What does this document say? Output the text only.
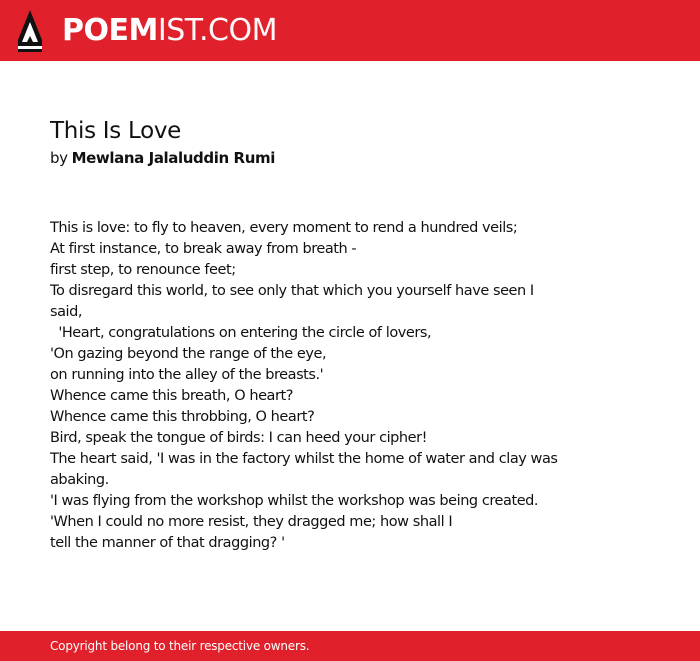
POEM IST.COM
This Is Love
by Mewlana Jalaluddin Rumi
This is love: to fly to heaven, every moment to rend a hundred veils;
At first instance, to break away from breath -
first step, to renounce feet;
To disregard this world, to see only that which you yourself have seen I
said,
'Heart, congratulations on entering the circle of lovers,
'On gazing beyond the range of the eye,
on running into the alley of the breasts.'
Whence came this breath, O heart?
Whence came this throbbing, O heart?
Bird, speak the tongue of birds: I can heed your cipher!
The heart said, 'I was in the factory whilst the home of water and clay was
abaking.
'I was flying from the workshop whilst the workshop was being created.
'When I could no more resist, they dragged me; how shall I
tell the manner of that dragging? '
Copyright belong to their respective owners.
